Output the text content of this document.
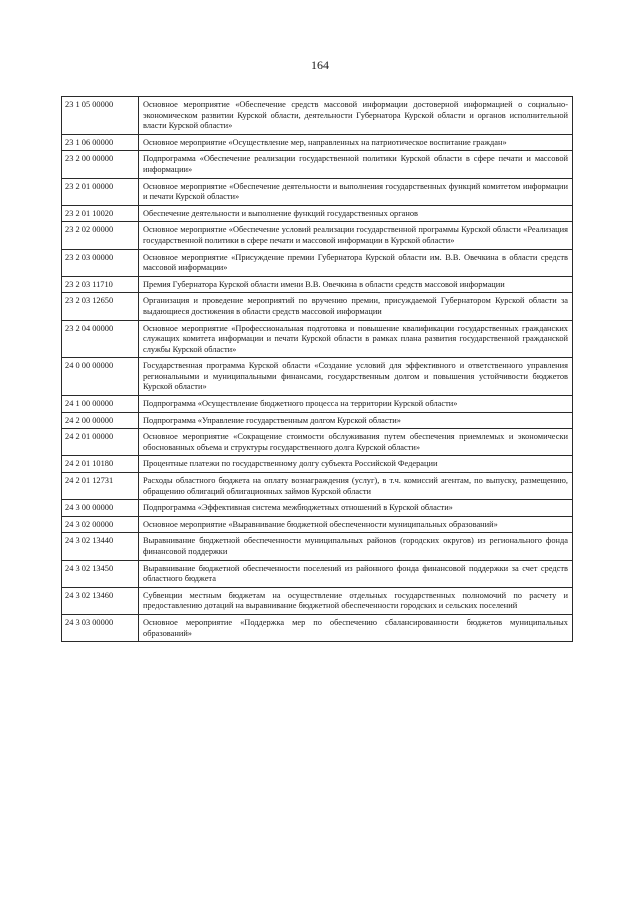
164
23 1 05 00000	Основное мероприятие «Обеспечение средств массовой информации достоверной информацией о социально-экономическом развитии Курской области, деятельности Губернатора Курской области и органов исполнительной власти Курской области»
23 1 06 00000	Основное мероприятие «Осуществление мер, направленных на патриотическое воспитание граждан»
23 2 00 00000	Подпрограмма «Обеспечение реализации государственной политики Курской области в сфере печати и массовой информации»
23 2 01 00000	Основное мероприятие «Обеспечение деятельности и выполнения государственных функций комитетом информации и печати Курской области»
23 2 01 10020	Обеспечение деятельности и выполнение функций государственных органов
23 2 02 00000	Основное мероприятие «Обеспечение условий реализации государственной программы Курской области «Реализация государственной политики в сфере печати и массовой информации в Курской области»
23 2 03 00000	Основное мероприятие «Присуждение премии Губернатора Курской области им. В.В. Овечкина в области средств массовой информации»
23 2 03 11710	Премия Губернатора Курской области имени В.В. Овечкина в области средств массовой информации
23 2 03 12650	Организация и проведение мероприятий по вручению премии, присуждаемой Губернатором Курской области за выдающиеся достижения в области средств массовой информации
23 2 04 00000	Основное мероприятие «Профессиональная подготовка и повышение квалификации государственных гражданских служащих комитета информации и печати Курской области в рамках плана развития государственной гражданской службы Курской области»
24 0 00 00000	Государственная программа Курской области «Создание условий для эффективного и ответственного управления региональными и муниципальными финансами, государственным долгом и повышения устойчивости бюджетов Курской области»
24 1 00 00000	Подпрограмма «Осуществление бюджетного процесса на территории Курской области»
24 2 00 00000	Подпрограмма «Управление государственным долгом Курской области»
24 2 01 00000	Основное мероприятие «Сокращение стоимости обслуживания путем обеспечения приемлемых и экономически обоснованных объема и структуры государственного долга Курской области»
24 2 01 10180	Процентные платежи по государственному долгу субъекта Российской Федерации
24 2 01 12731	Расходы областного бюджета на оплату вознаграждения (услуг), в т.ч. комиссий агентам, по выпуску, размещению, обращению облигаций облигационных займов Курской области
24 3 00 00000	Подпрограмма «Эффективная система межбюджетных отношений в Курской области»
24 3 02 00000	Основное мероприятие «Выравнивание бюджетной обеспеченности муниципальных образований»
24 3 02 13440	Выравнивание бюджетной обеспеченности муниципальных районов (городских округов) из регионального фонда финансовой поддержки
24 3 02 13450	Выравнивание бюджетной обеспеченности поселений из районного фонда финансовой поддержки за счет средств областного бюджета
24 3 02 13460	Субвенции местным бюджетам на осуществление отдельных государственных полномочий по расчету и предоставлению дотаций на выравнивание бюджетной обеспеченности городских и сельских поселений
24 3 03 00000	Основное мероприятие «Поддержка мер по обеспечению сбалансированности бюджетов муниципальных образований»
